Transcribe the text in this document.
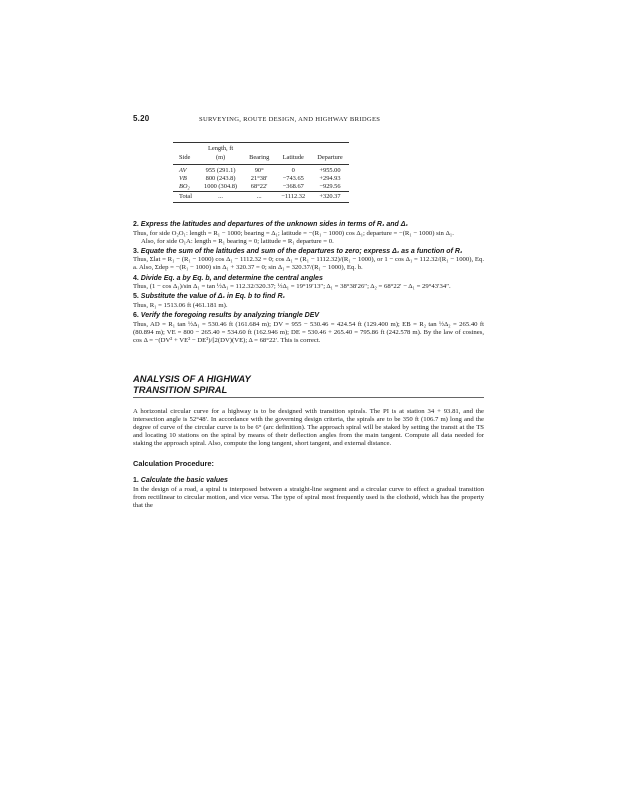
5.20	SURVEYING, ROUTE DESIGN, AND HIGHWAY BRIDGES
	Length, ft			
Side	(m)	Bearing	Latitude	Departure
AV	955 (291.1)	90°	0	+955.00
VB	800 (243.8)	21°38′	−743.65	+294.93
BO₂	1000 (304.8)	68°22′	−368.67	−929.56
Total	...	...	−1112.32	+320.37
2. Express the latitudes and departures of the unknown sides in terms of R₁ and Δ₁
Thus, for side O₂O₁: length = R₁ − 1000; bearing = Δ₁; latitude = −(R₁ − 1000) cos Δ₁; departure = −(R₁ − 1000) sin Δ₁.
Also, for side O₁A: length = R₁ bearing = 0; latitude = R₁ departure = 0.
3. Equate the sum of the latitudes and sum of the departures to zero; express Δ₁ as a function of R₁
Thus, Σlat = R₁ − (R₁ − 1000) cos Δ₁ − 1112.32 = 0; cos Δ₁ = (R₁ − 1112.32)/(R₁ − 1000), or 1 − cos Δ₁ = 112.32/(R₁ − 1000), Eq. a. Also, Σdep = −(R₁ − 1000) sin Δ₁ + 320.37 = 0; sin Δ₁ = 320.37/(R₁ − 1000), Eq. b.
4. Divide Eq. a by Eq. b, and determine the central angles
Thus, (1 − cos Δ₁)/sin Δ₁ = tan ½Δ₁ = 112.32/320.37; ½Δ₁ = 19°19′13″; Δ₁ = 38°38′26″; Δ₂ = 68°22′ − Δ₁ = 29°43′34″.
5. Substitute the value of Δ₁ in Eq. b to find R₁
Thus, R₁ = 1513.06 ft (461.181 m).
6. Verify the foregoing results by analyzing triangle DEV
Thus, AD = R₁ tan ½Δ₁ = 530.46 ft (161.684 m); DV = 955 − 530.46 = 424.54 ft (129.400 m); EB = R₂ tan ½Δ₂ = 265.40 ft (80.894 m); VE = 800 − 265.40 = 534.60 ft (162.946 m); DE = 530.46 + 265.40 = 795.86 ft (242.578 m). By the law of cosines, cos Δ = −(DV² + VE² − DE²)/[2(DV)(VE); Δ = 68°22′. This is correct.
ANALYSIS OF A HIGHWAY
TRANSITION SPIRAL
A horizontal circular curve for a highway is to be designed with transition spirals. The PI is at station 34 + 93.81, and the intersection angle is 52°48′. In accordance with the governing design criteria, the spirals are to be 350 ft (106.7 m) long and the degree of curve of the circular curve is to be 6° (arc definition). The approach spiral will be staked by setting the transit at the TS and locating 10 stations on the spiral by means of their deflection angles from the main tangent. Compute all data needed for staking the approach spiral. Also, compute the long tangent, short tangent, and external distance.
Calculation Procedure:
1. Calculate the basic values
In the design of a road, a spiral is interposed between a straight-line segment and a circular curve to effect a gradual transition from rectilinear to circular motion, and vice versa. The type of spiral most frequently used is the clothoid, which has the property that the
